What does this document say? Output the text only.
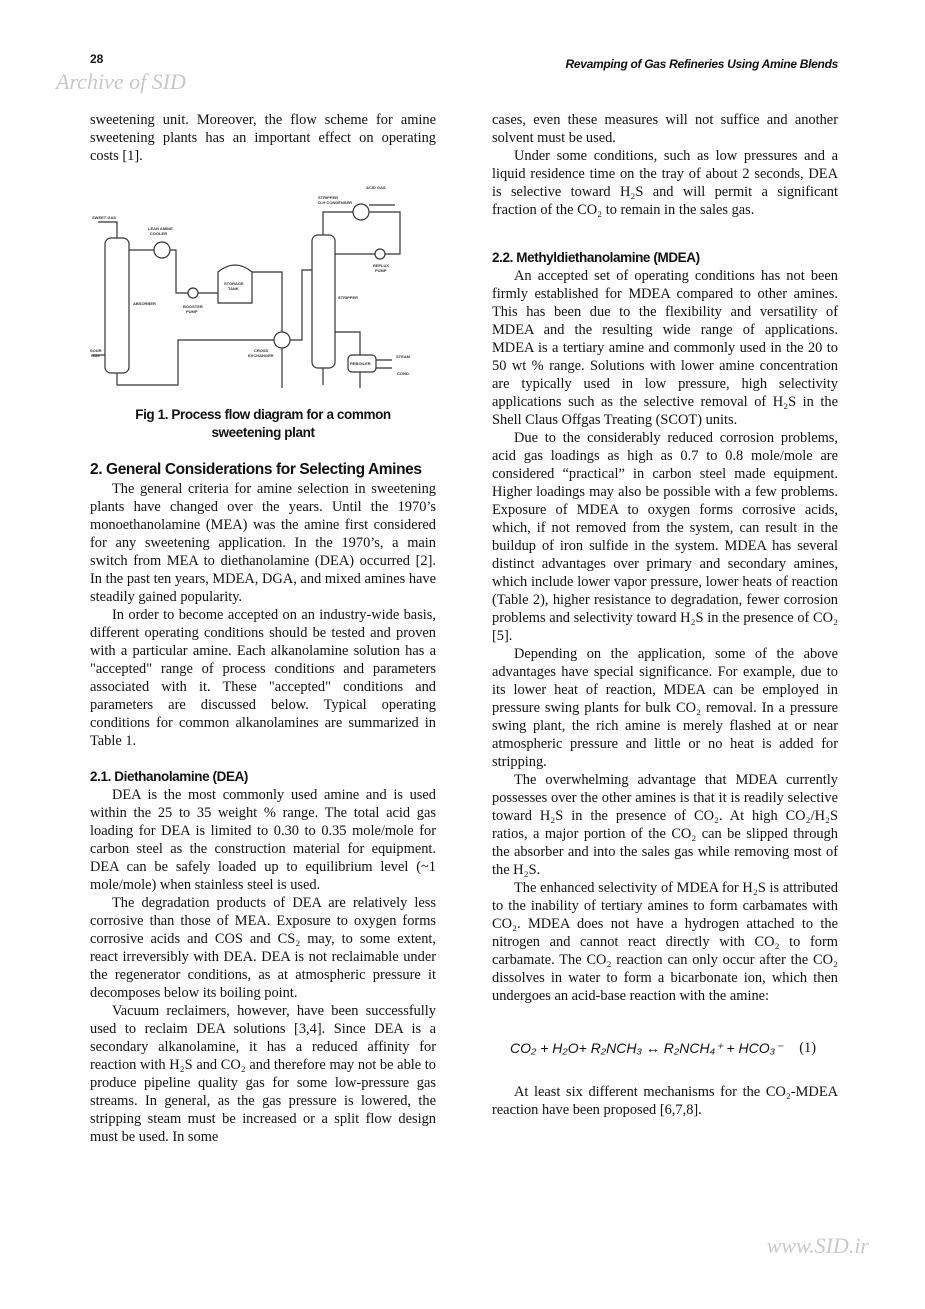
28
Archive of SID
Revamping of Gas Refineries Using Amine Blends

sweetening unit. Moreover, the flow scheme for amine sweetening plants has an important effect on operating costs [1].

SWEET GAS
LEAN AMINE
COOLER
ABSORBER
BOOSTER
PUMP
STORAGE
TANK
SOUR
GAS
CROSS
EXCHANGER
ACID GAS
STRIPPER
O-H CONDENSER
REFLUX
PUMP
STRIPPER
REBOILER
STEAM
COND.
Fig 1. Process flow diagram for a common
sweetening plant
2. General Considerations for Selecting Amines

The general criteria for amine selection in sweetening plants have changed over the years. Until the 1970’s monoethanolamine (MEA) was the amine first considered for any sweetening application. In the 1970’s, a main switch from MEA to diethanolamine (DEA) occurred [2]. In the past ten years, MDEA, DGA, and mixed amines have steadily gained popularity.

In order to become accepted on an industry-wide basis, different operating conditions should be tested and proven with a particular amine. Each alkanolamine solution has a "accepted" range of process conditions and parameters associated with it. These "accepted" conditions and parameters are discussed below. Typical operating conditions for common alkanolamines are summarized in Table 1.

2.1. Diethanolamine (DEA)

DEA is the most commonly used amine and is used within the 25 to 35 weight % range. The total acid gas loading for DEA is limited to 0.30 to 0.35 mole/mole for carbon steel as the construction material for equipment. DEA can be safely loaded up to equilibrium level (~1 mole/mole) when stainless steel is used.

The degradation products of DEA are relatively less corrosive than those of MEA. Exposure to oxygen forms corrosive acids and COS and CS₂ may, to some extent, react irreversibly with DEA. DEA is not reclaimable under the regenerator conditions, as at atmospheric pressure it decomposes below its boiling point.

Vacuum reclaimers, however, have been successfully used to reclaim DEA solutions [3,4]. Since DEA is a secondary alkanolamine, it has a reduced affinity for reaction with H₂S and CO₂ and therefore may not be able to produce pipeline quality gas for some low-pressure gas streams. In general, as the gas pressure is lowered, the stripping steam must be increased or a split flow design must be used. In some

cases, even these measures will not suffice and another solvent must be used.

Under some conditions, such as low pressures and a liquid residence time on the tray of about 2 seconds, DEA is selective toward H₂S and will permit a significant fraction of the CO₂ to remain in the sales gas.

2.2. Methyldiethanolamine (MDEA)

An accepted set of operating conditions has not been firmly established for MDEA compared to other amines. This has been due to the flexibility and versatility of MDEA and the resulting wide range of applications. MDEA is a tertiary amine and commonly used in the 20 to 50 wt % range. Solutions with lower amine concentration are typically used in low pressure, high selectivity applications such as the selective removal of H₂S in the Shell Claus Offgas Treating (SCOT) units.

Due to the considerably reduced corrosion problems, acid gas loadings as high as 0.7 to 0.8 mole/mole are considered “practical” in carbon steel made equipment. Higher loadings may also be possible with a few problems. Exposure of MDEA to oxygen forms corrosive acids, which, if not removed from the system, can result in the buildup of iron sulfide in the system. MDEA has several distinct advantages over primary and secondary amines, which include lower vapor pressure, lower heats of reaction (Table 2), higher resistance to degradation, fewer corrosion problems and selectivity toward H₂S in the presence of CO₂ [5].

Depending on the application, some of the above advantages have special significance. For example, due to its lower heat of reaction, MDEA can be employed in pressure swing plants for bulk CO₂ removal. In a pressure swing plant, the rich amine is merely flashed at or near atmospheric pressure and little or no heat is added for stripping.

The overwhelming advantage that MDEA currently possesses over the other amines is that it is readily selective toward H₂S in the presence of CO₂. At high CO₂/H₂S ratios, a major portion of the CO₂ can be slipped through the absorber and into the sales gas while removing most of the H₂S.

The enhanced selectivity of MDEA for H₂S is attributed to the inability of tertiary amines to form carbamates with CO₂. MDEA does not have a hydrogen attached to the nitrogen and cannot react directly with CO₂ to form carbamate. The CO₂ reaction can only occur after the CO₂ dissolves in water to form a bicarbonate ion, which then undergoes an acid-base reaction with the amine:

CO₂ + H₂O+ R₂NCH₃ ↔ R₂NCH₄⁺ + HCO₃⁻ (1)

At least six different mechanisms for the CO₂-MDEA reaction have been proposed [6,7,8].

www.SID.ir
